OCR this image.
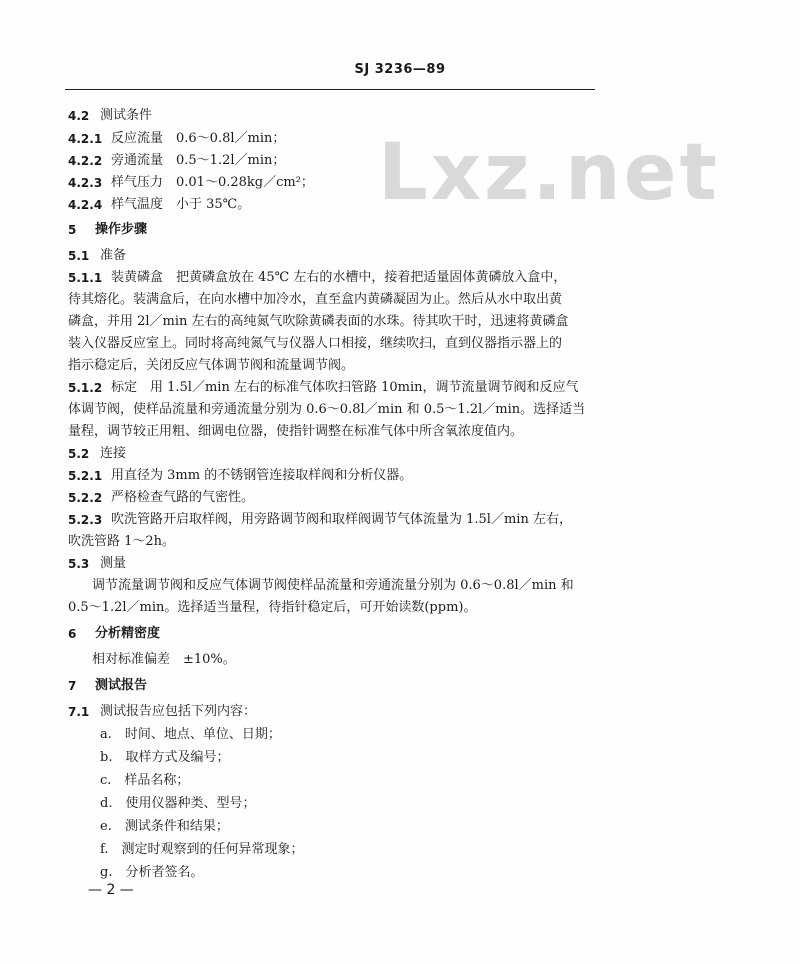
SJ 3236—89
Lxz.net
4.2 测试条件
4.2.1 反应流量　0.6～0.8l／min；
4.2.2 旁通流量　0.5～1.2l／min；
4.2.3 样气压力　0.01～0.28kg／cm²；
4.2.4 样气温度　小于 35℃。
5 操作步骤
5.1 准备
5.1.1 装黄磷盒　把黄磷盒放在 45℃ 左右的水槽中，接着把适量固体黄磷放入盒中，
待其熔化。装满盒后，在向水槽中加冷水，直至盒内黄磷凝固为止。然后从水中取出黄
磷盒，并用 2l／min 左右的高纯氮气吹除黄磷表面的水珠。待其吹干时，迅速将黄磷盒
装入仪器反应室上。同时将高纯氮气与仪器人口相接，继续吹扫，直到仪器指示器上的
指示稳定后，关闭反应气体调节阀和流量调节阀。
5.1.2 标定　用 1.5l／min 左右的标准气体吹扫管路 10min，调节流量调节阀和反应气
体调节阀，使样品流量和旁通流量分别为 0.6～0.8l／min 和 0.5～1.2l／min。选择适当
量程，调节较正用粗、细调电位器，使指针调整在标准气体中所含氧浓度值内。
5.2 连接
5.2.1 用直径为 3mm 的不锈钢管连接取样阀和分析仪器。
5.2.2 严格检查气路的气密性。
5.2.3 吹洗管路开启取样阀，用旁路调节阀和取样阀调节气体流量为 1.5l／min 左右，
吹洗管路 1～2h。
5.3 测量
调节流量调节阀和反应气体调节阀使样品流量和旁通流量分别为 0.6～0.8l／min 和
0.5～1.2l／min。选择适当量程，待指针稳定后，可开始读数(ppm)。
6 分析精密度
相对标准偏差　±10%。
7 测试报告
7.1 测试报告应包括下列内容：
a.　时间、地点、单位、日期；
b.　取样方式及编号；
c.　样品名称；
d.　使用仪器种类、型号；
e.　测试条件和结果；
f.　测定时观察到的任何异常现象；
g.　分析者签名。
— 2 —
